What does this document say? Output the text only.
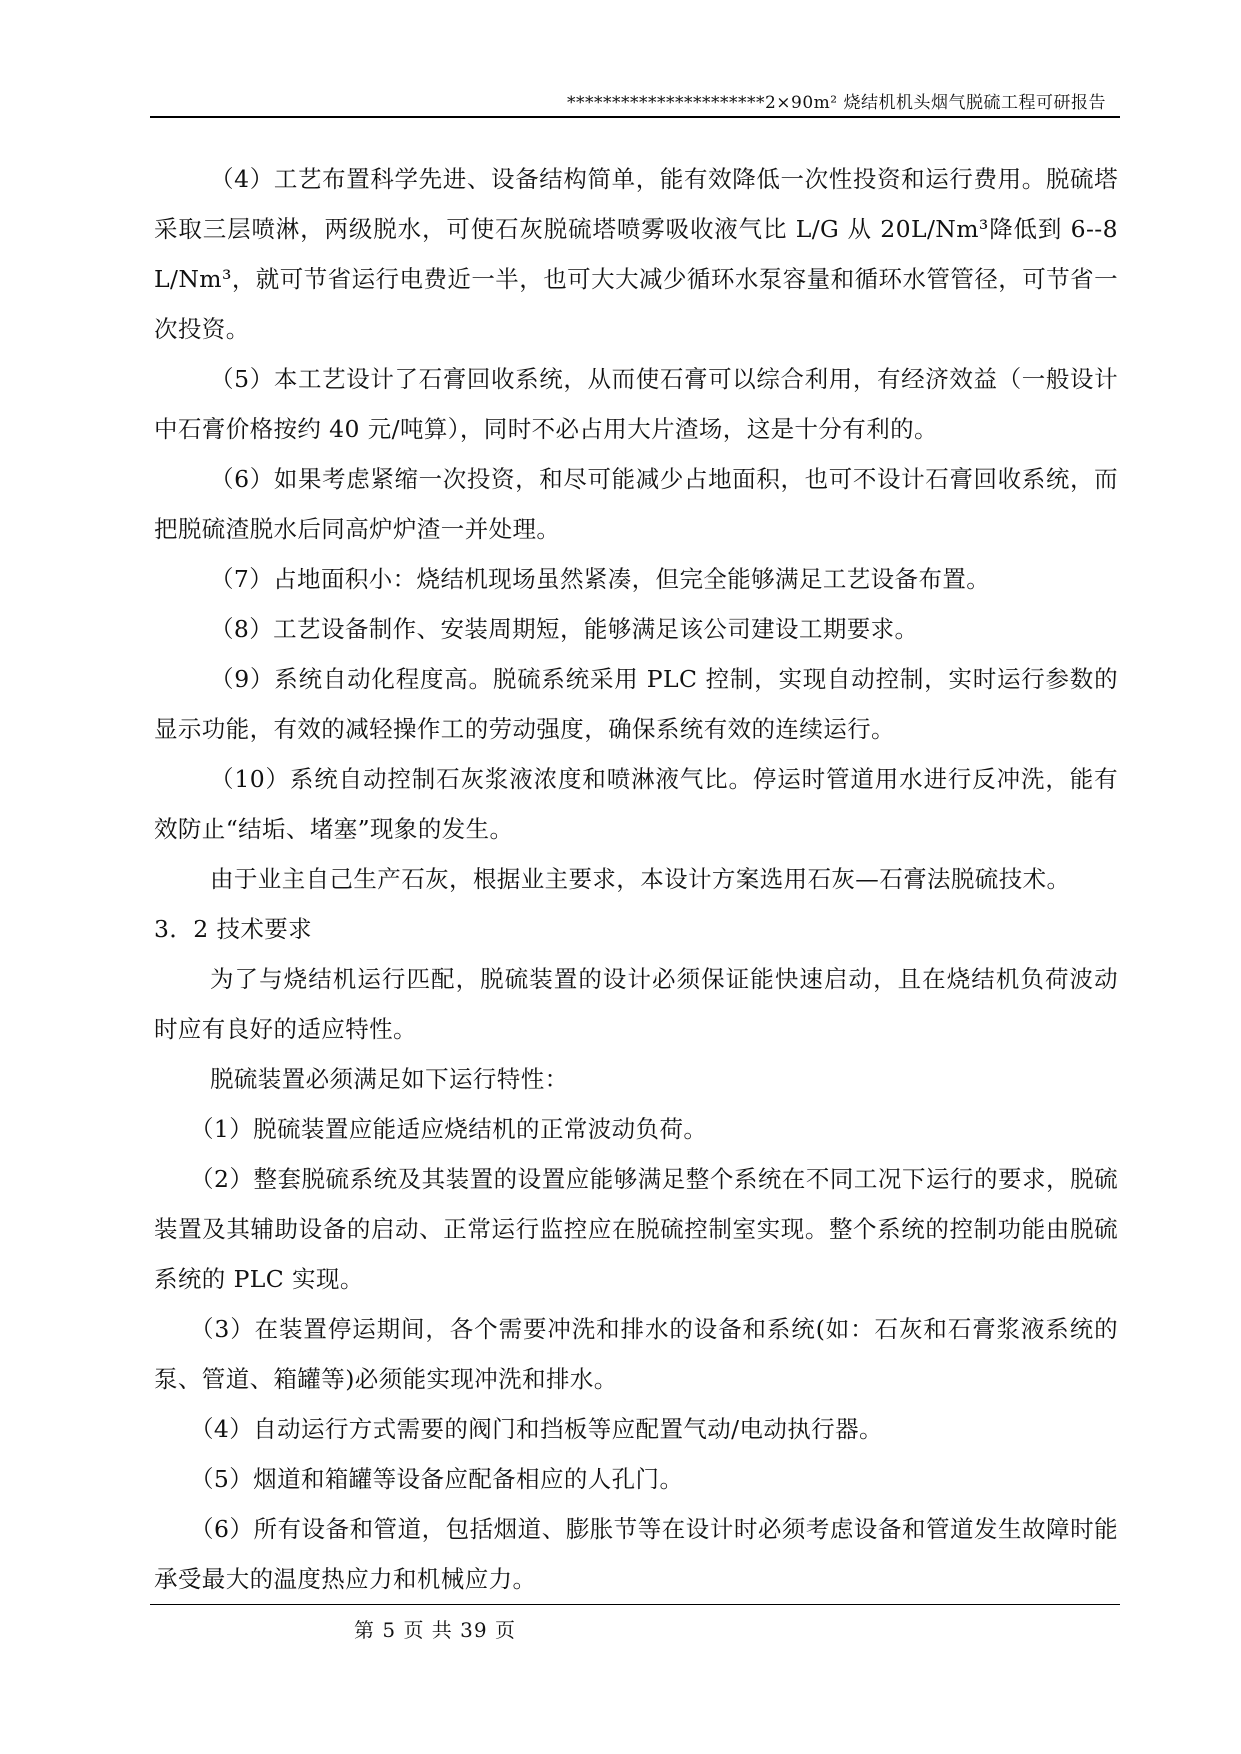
**********************2×90m² 烧结机机头烟气脱硫工程可研报告

（4）工艺布置科学先进、设备结构简单，能有效降低一次性投资和运行费用。脱硫塔采取三层喷淋，两级脱水，可使石灰脱硫塔喷雾吸收液气比 L/G 从 20L/Nm³降低到 6--8 L/Nm³，就可节省运行电费近一半，也可大大减少循环水泵容量和循环水管管径，可节省一次投资。

（5）本工艺设计了石膏回收系统，从而使石膏可以综合利用，有经济效益（一般设计中石膏价格按约 40 元/吨算），同时不必占用大片渣场，这是十分有利的。

（6）如果考虑紧缩一次投资，和尽可能减少占地面积，也可不设计石膏回收系统，而把脱硫渣脱水后同高炉炉渣一并处理。

（7）占地面积小：烧结机现场虽然紧凑，但完全能够满足工艺设备布置。

（8）工艺设备制作、安装周期短，能够满足该公司建设工期要求。

（9）系统自动化程度高。脱硫系统采用 PLC 控制，实现自动控制，实时运行参数的显示功能，有效的减轻操作工的劳动强度，确保系统有效的连续运行。

（10）系统自动控制石灰浆液浓度和喷淋液气比。停运时管道用水进行反冲洗，能有效防止“结垢、堵塞”现象的发生。

由于业主自己生产石灰，根据业主要求，本设计方案选用石灰—石膏法脱硫技术。

3．2 技术要求

为了与烧结机运行匹配，脱硫装置的设计必须保证能快速启动，且在烧结机负荷波动时应有良好的适应特性。

脱硫装置必须满足如下运行特性：

（1）脱硫装置应能适应烧结机的正常波动负荷。

（2）整套脱硫系统及其装置的设置应能够满足整个系统在不同工况下运行的要求，脱硫装置及其辅助设备的启动、正常运行监控应在脱硫控制室实现。整个系统的控制功能由脱硫系统的 PLC 实现。

（3）在装置停运期间，各个需要冲洗和排水的设备和系统(如：石灰和石膏浆液系统的泵、管道、箱罐等)必须能实现冲洗和排水。

（4）自动运行方式需要的阀门和挡板等应配置气动/电动执行器。

（5）烟道和箱罐等设备应配备相应的人孔门。

（6）所有设备和管道，包括烟道、膨胀节等在设计时必须考虑设备和管道发生故障时能承受最大的温度热应力和机械应力。

第 5 页 共 39 页
